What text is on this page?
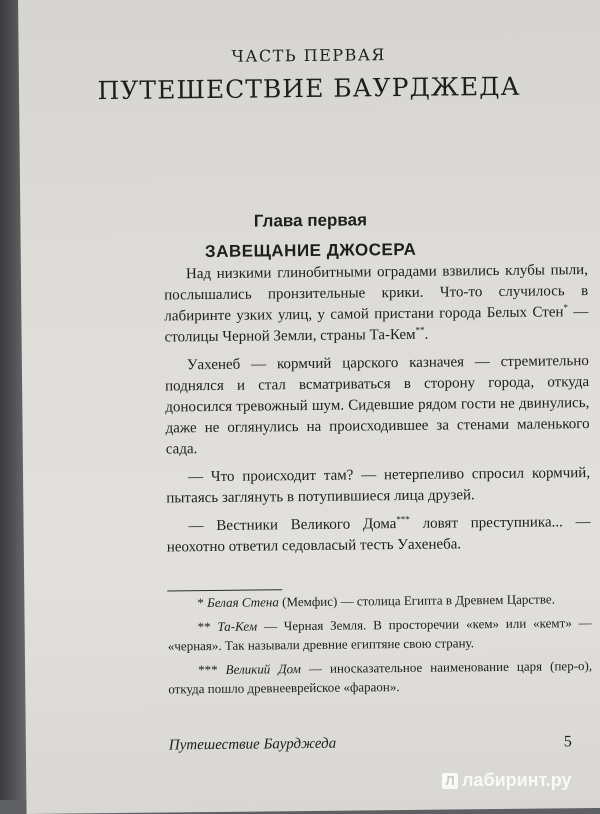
ЧАСТЬ ПЕРВАЯ
ПУТЕШЕСТВИЕ БАУРДЖЕДА
Глава первая
ЗАВЕЩАНИЕ ДЖОСЕРА

Над низкими глинобитными оградами взвились клубы пыли, послышались пронзительные крики. Что-то случилось в лабиринте узких улиц, у самой пристани города Белых Стен* — столицы Черной Земли, страны Та-Кем**.

Уахенеб — кормчий царского казначея — стремительно поднялся и стал всматриваться в сторону города, откуда доносился тревожный шум. Сидевшие рядом гости не двинулись, даже не оглянулись на происходившее за стенами маленького сада.

— Что происходит там? — нетерпеливо спросил кормчий, пытаясь заглянуть в потупившиеся лица друзей.

— Вестники Великого Дома*** ловят преступника... — неохотно ответил седовласый тесть Уахенеба.

* Белая Стена (Мемфис) — столица Египта в Древнем Царстве.

** Та-Кем — Черная Земля. В просторечии «кем» или «кемт» — «черная». Так называли древние египтяне свою страну.

*** Великий Дом — иносказательное наименование царя (пер-о), откуда пошло древнееврейское «фараон».

Путешествие Баурджеда	5
Л лабиринт.ру
